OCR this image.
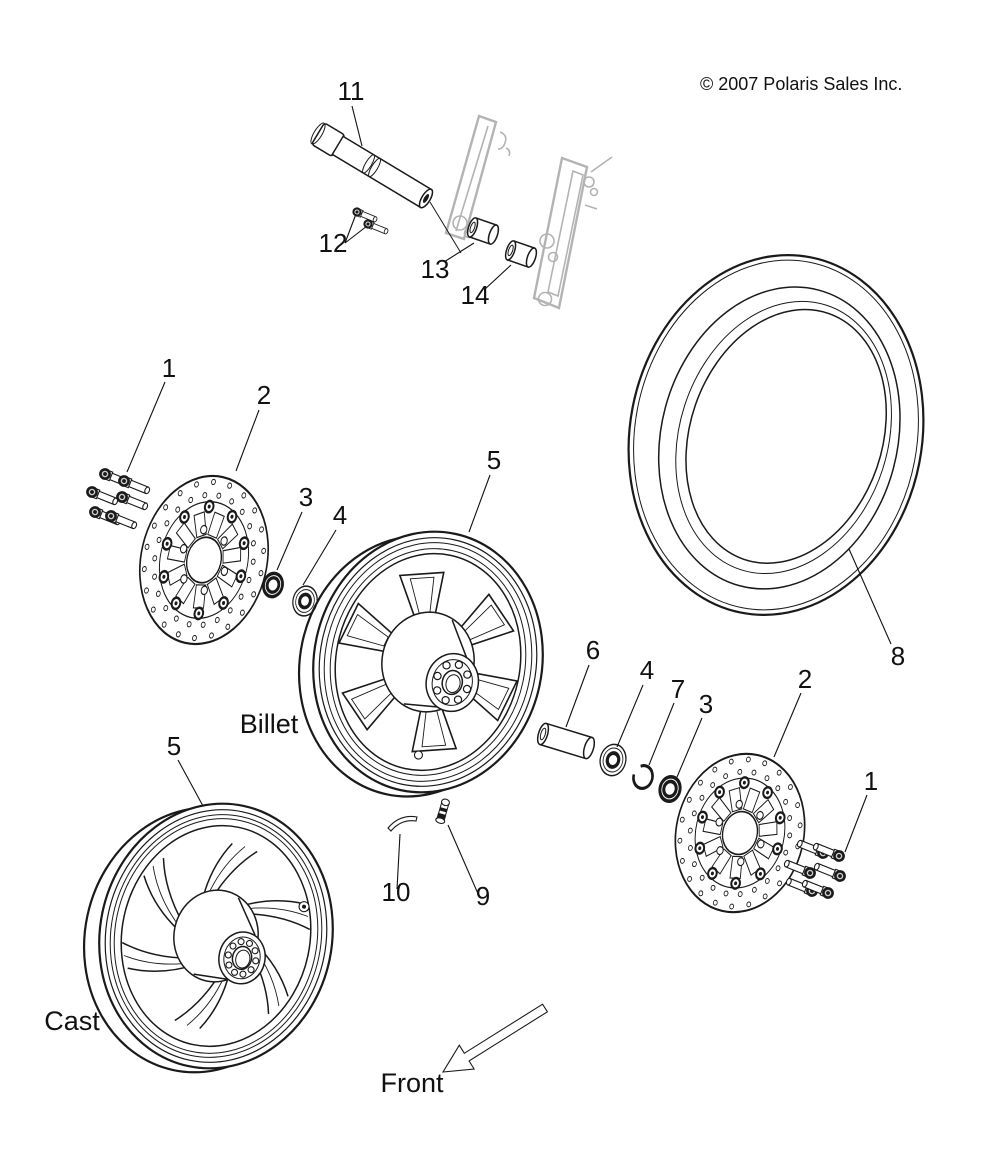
1
2
3
4
5
6
4
7 3
2
1
8
5
9
10
11
12
13
14
Billet
Cast
Front
© 2007 Polaris Sales Inc.
